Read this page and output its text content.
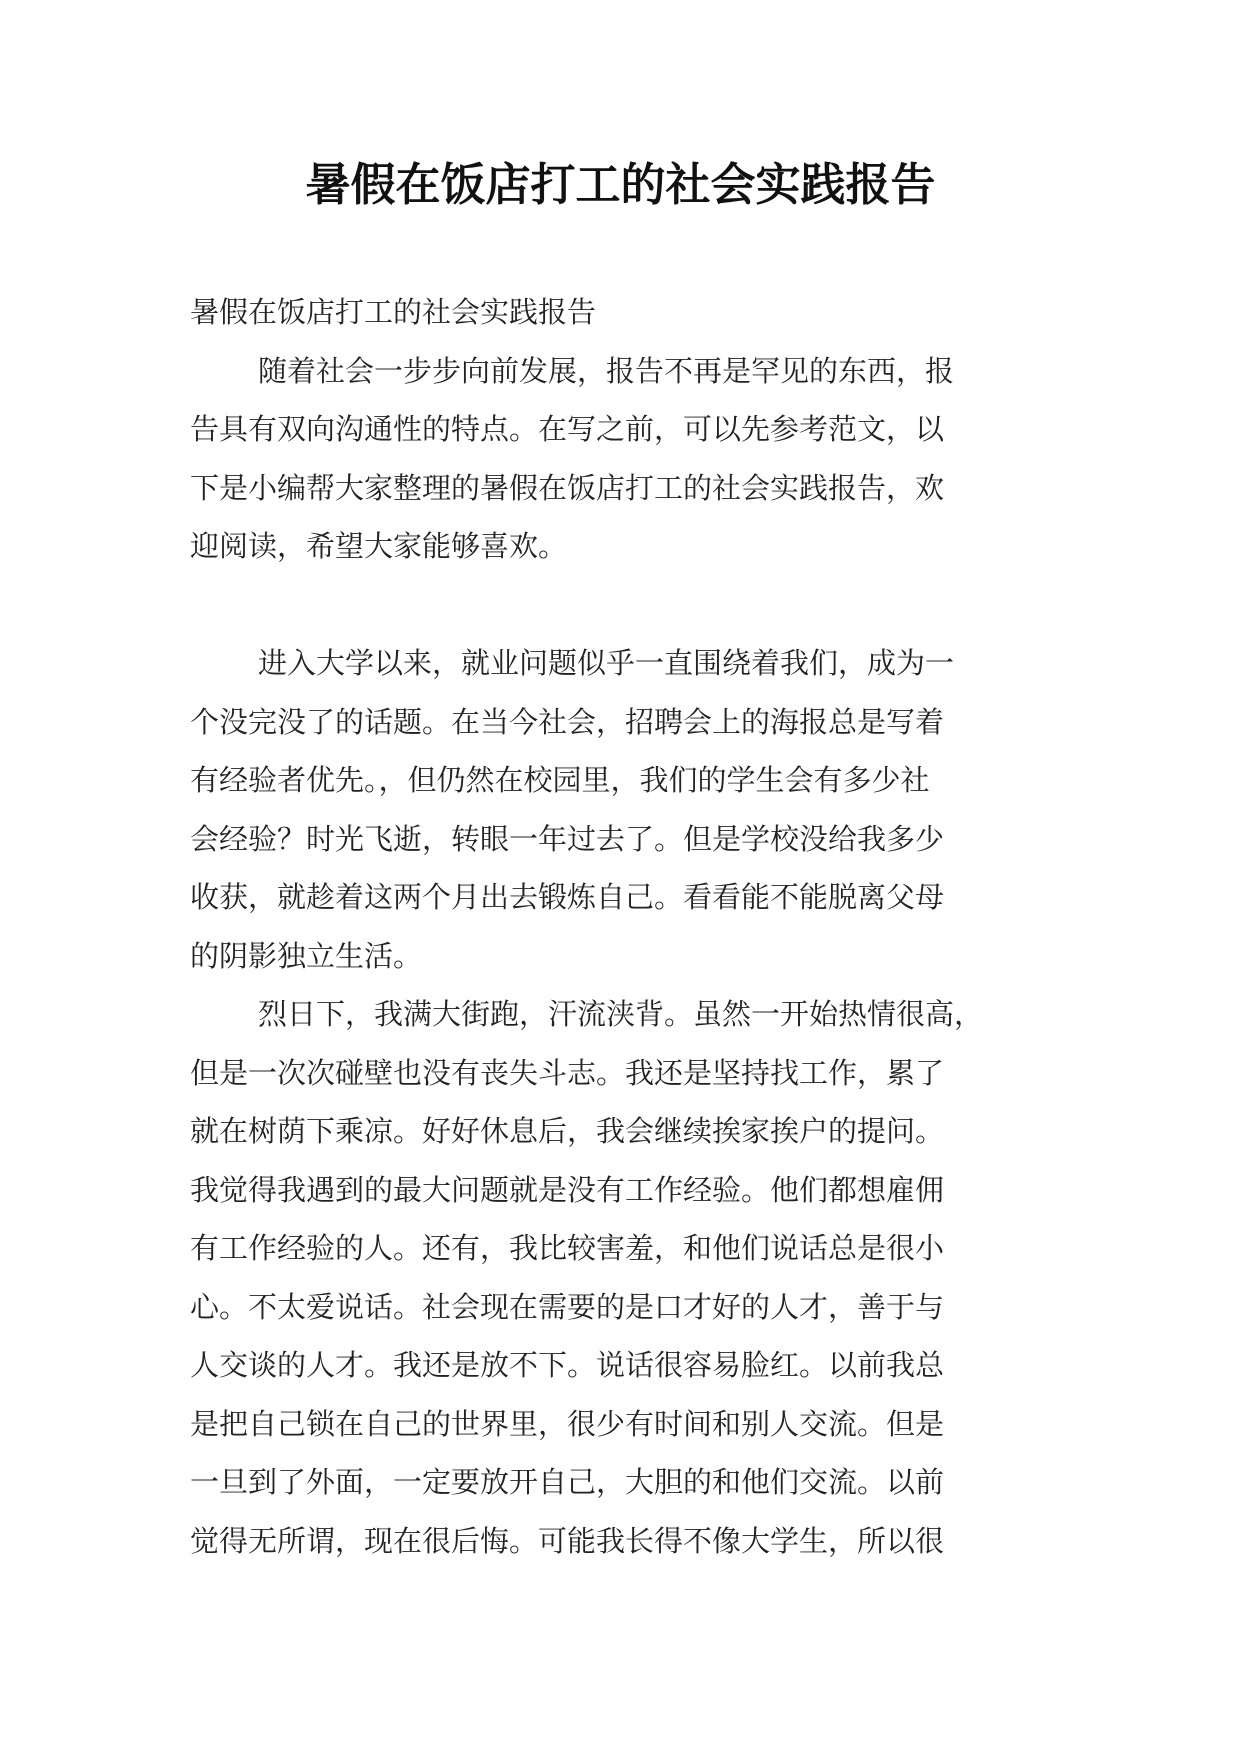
暑假在饭店打工的社会实践报告
暑假在饭店打工的社会实践报告
随着社会一步步向前发展，报告不再是罕见的东西，报
告具有双向沟通性的特点。在写之前，可以先参考范文，以
下是小编帮大家整理的暑假在饭店打工的社会实践报告，欢
迎阅读，希望大家能够喜欢。
进入大学以来，就业问题似乎一直围绕着我们，成为一
个没完没了的话题。在当今社会，招聘会上的海报总是写着
有经验者优先。，但仍然在校园里，我们的学生会有多少社
会经验？时光飞逝，转眼一年过去了。但是学校没给我多少
收获，就趁着这两个月出去锻炼自己。看看能不能脱离父母
的阴影独立生活。
烈日下，我满大街跑，汗流浃背。虽然一开始热情很高，
但是一次次碰壁也没有丧失斗志。我还是坚持找工作，累了
就在树荫下乘凉。好好休息后，我会继续挨家挨户的提问。
我觉得我遇到的最大问题就是没有工作经验。他们都想雇佣
有工作经验的人。还有，我比较害羞，和他们说话总是很小
心。不太爱说话。社会现在需要的是口才好的人才，善于与
人交谈的人才。我还是放不下。说话很容易脸红。以前我总
是把自己锁在自己的世界里，很少有时间和别人交流。但是
一旦到了外面，一定要放开自己，大胆的和他们交流。以前
觉得无所谓，现在很后悔。可能我长得不像大学生，所以很
